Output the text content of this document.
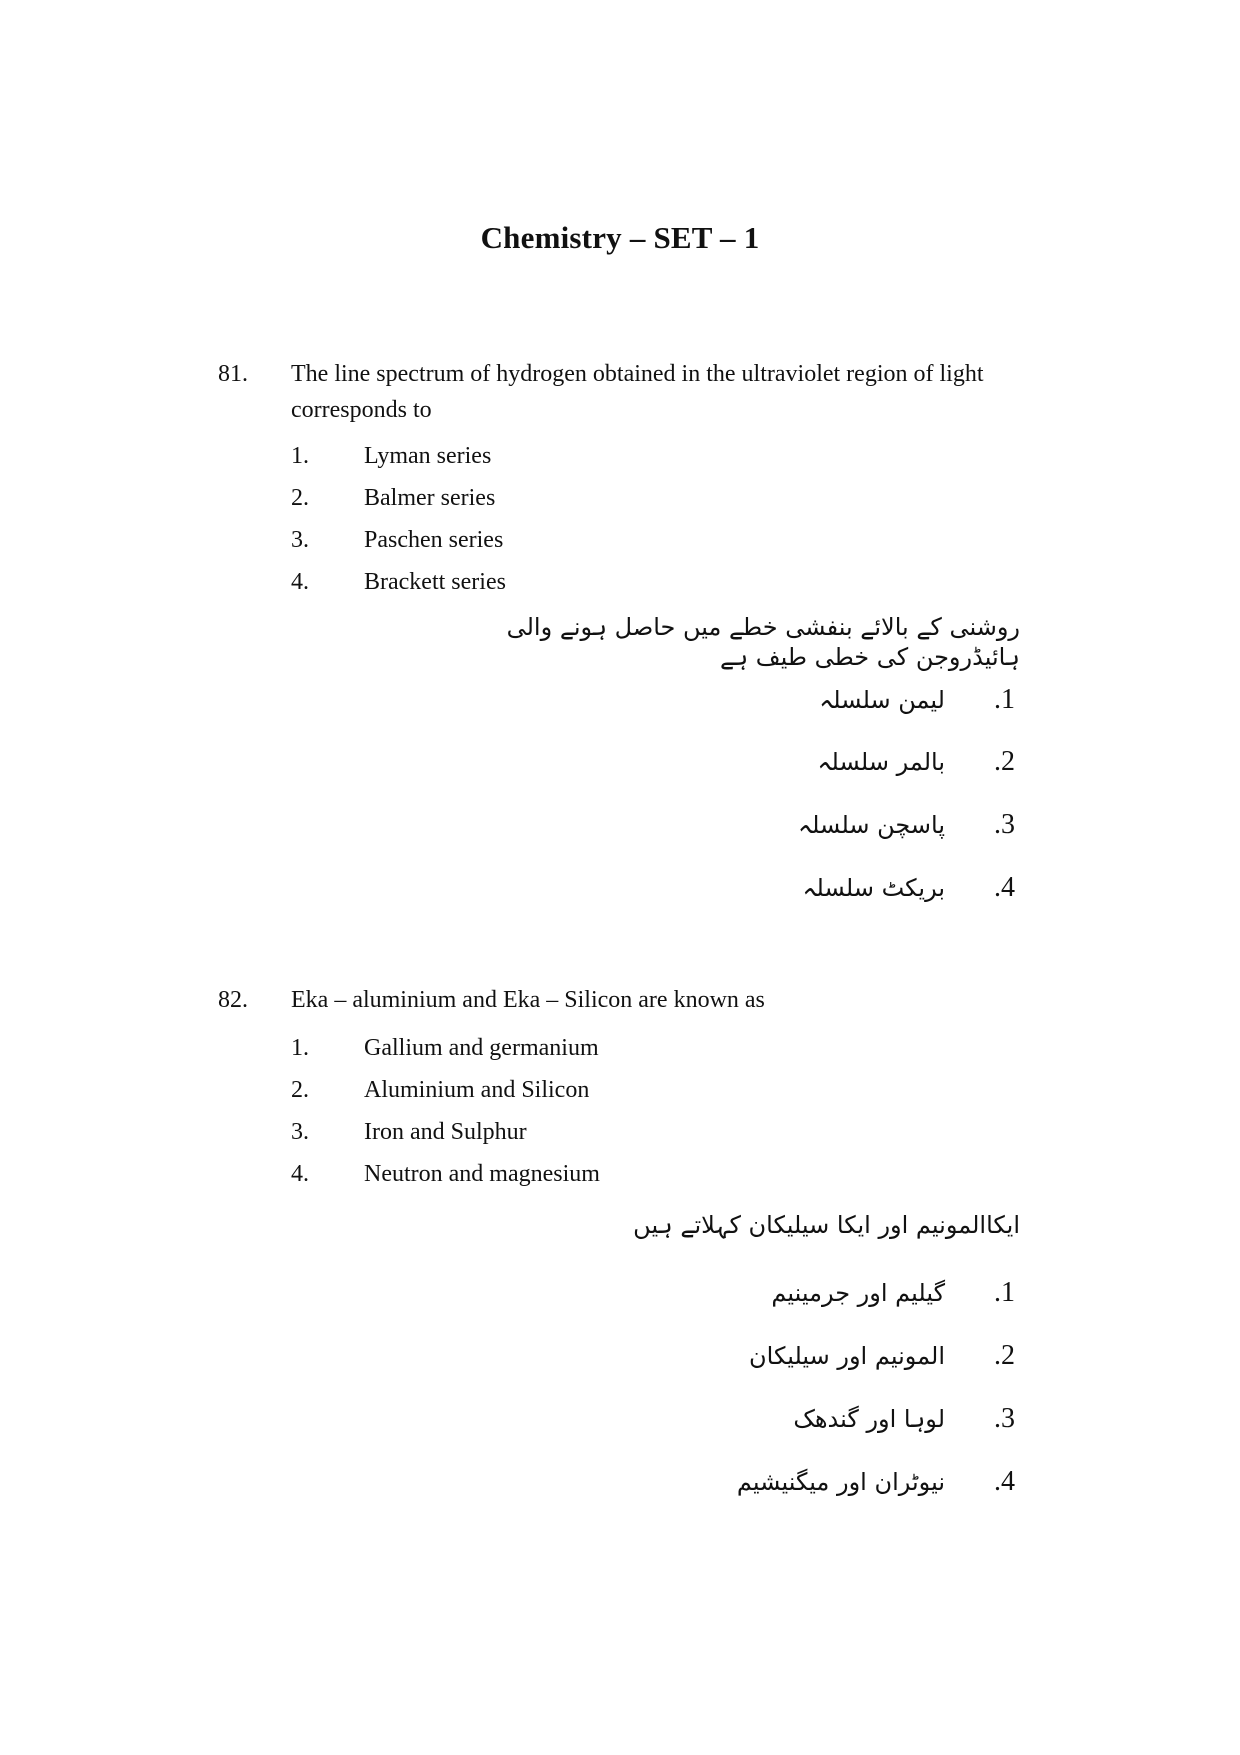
Chemistry – SET – 1
81. The line spectrum of hydrogen obtained in the ultraviolet region of light corresponds to
1. Lyman series
2. Balmer series
3. Paschen series
4. Brackett series
روشنی کے بالائے بنفشی خطے میں حاصل ہونے والی ہائیڈروجن کی خطی طیف ہے
.1
لیمن سلسلہ
.2
بالمر سلسلہ
.3
پاسچن سلسلہ
.4
بریکٹ سلسلہ
82. Eka – aluminium and Eka – Silicon are known as
1. Gallium and germanium
2. Aluminium and Silicon
3. Iron and Sulphur
4. Neutron and magnesium
ایکاالمونیم اور ایکا سیلیکان کہلاتے ہیں
.1
گیلیم اور جرمینیم
.2
المونیم اور سیلیکان
.3
لوہا اور گندھک
.4
نیوٹران اور میگنیشیم
